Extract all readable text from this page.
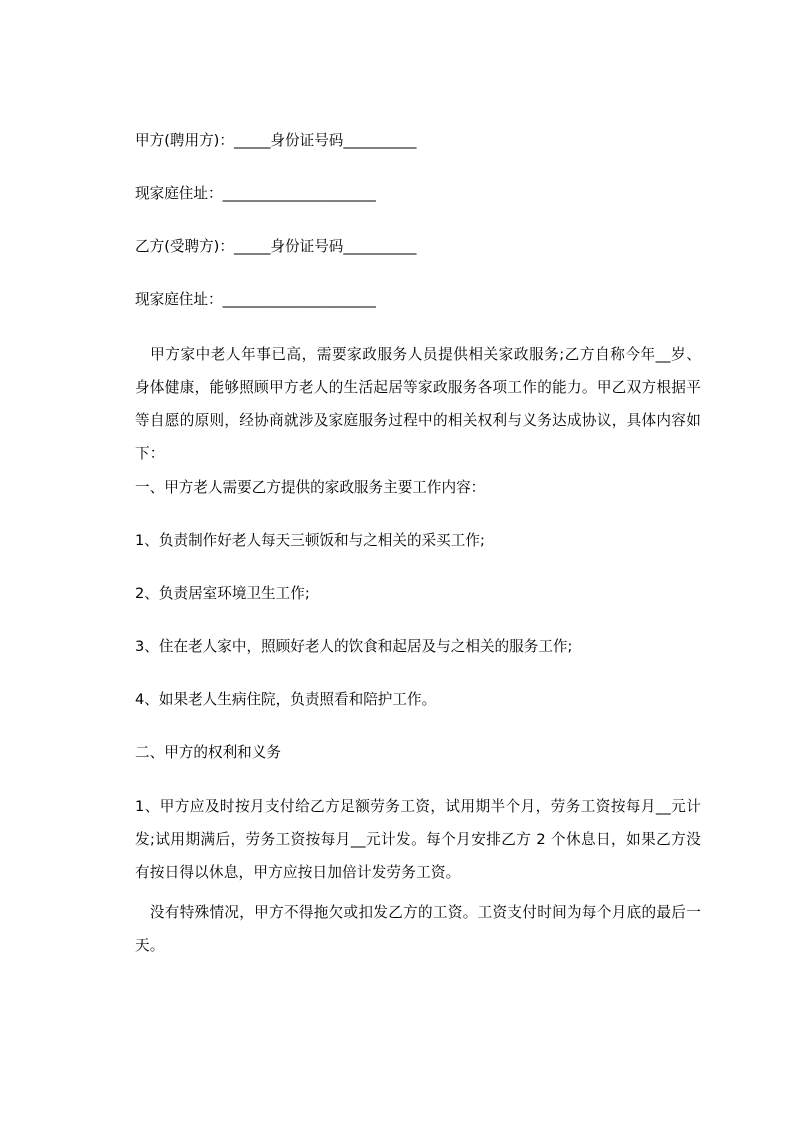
甲方(聘用方)：_____身份证号码__________
现家庭住址：_____________________
乙方(受聘方)：_____身份证号码__________
现家庭住址：_____________________
　甲方家中老人年事已高，需要家政服务人员提供相关家政服务;乙方自称今年__岁、身体健康，能够照顾甲方老人的生活起居等家政服务各项工作的能力。甲乙双方根据平等自愿的原则，经协商就涉及家庭服务过程中的相关权利与义务达成协议，具体内容如下：
一、甲方老人需要乙方提供的家政服务主要工作内容：
1、负责制作好老人每天三顿饭和与之相关的采买工作;
2、负责居室环境卫生工作;
3、住在老人家中，照顾好老人的饮食和起居及与之相关的服务工作;
4、如果老人生病住院，负责照看和陪护工作。
二、甲方的权利和义务
1、甲方应及时按月支付给乙方足额劳务工资，试用期半个月，劳务工资按每月__元计发;试用期满后，劳务工资按每月__元计发。每个月安排乙方 2 个休息日，如果乙方没有按日得以休息，甲方应按日加倍计发劳务工资。
　没有特殊情况，甲方不得拖欠或扣发乙方的工资。工资支付时间为每个月底的最后一天。
